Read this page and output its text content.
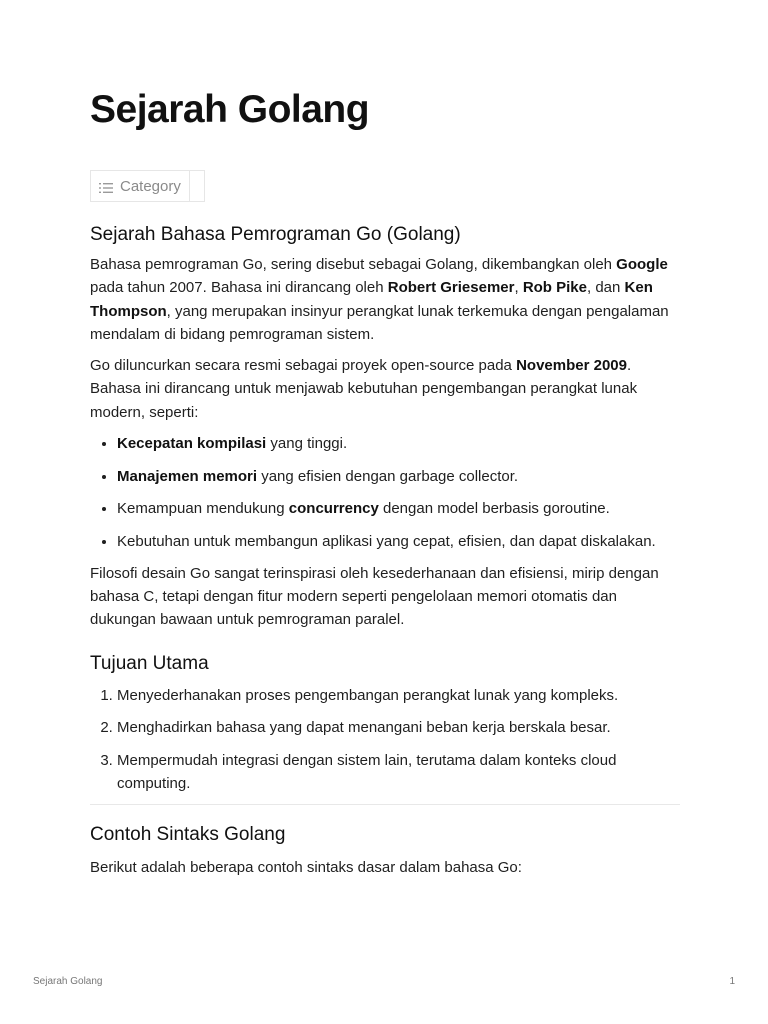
Sejarah Golang
Category
Sejarah Bahasa Pemrograman Go (Golang)

Bahasa pemrograman Go, sering disebut sebagai Golang, dikembangkan oleh Google pada tahun 2007. Bahasa ini dirancang oleh Robert Griesemer, Rob Pike, dan Ken Thompson, yang merupakan insinyur perangkat lunak terkemuka dengan pengalaman mendalam di bidang pemrograman sistem.

Go diluncurkan secara resmi sebagai proyek open-source pada November 2009. Bahasa ini dirancang untuk menjawab kebutuhan pengembangan perangkat lunak modern, seperti:

• Kecepatan kompilasi yang tinggi.
• Manajemen memori yang efisien dengan garbage collector.
• Kemampuan mendukung concurrency dengan model berbasis goroutine.
• Kebutuhan untuk membangun aplikasi yang cepat, efisien, dan dapat diskalakan.

Filosofi desain Go sangat terinspirasi oleh kesederhanaan dan efisiensi, mirip dengan bahasa C, tetapi dengan fitur modern seperti pengelolaan memori otomatis dan dukungan bawaan untuk pemrograman paralel.

Tujuan Utama
1. Menyederhanakan proses pengembangan perangkat lunak yang kompleks.
2. Menghadirkan bahasa yang dapat menangani beban kerja berskala besar.
3. Mempermudah integrasi dengan sistem lain, terutama dalam konteks cloud computing.
Contoh Sintaks Golang

Berikut adalah beberapa contoh sintaks dasar dalam bahasa Go:

Sejarah Golang	1
